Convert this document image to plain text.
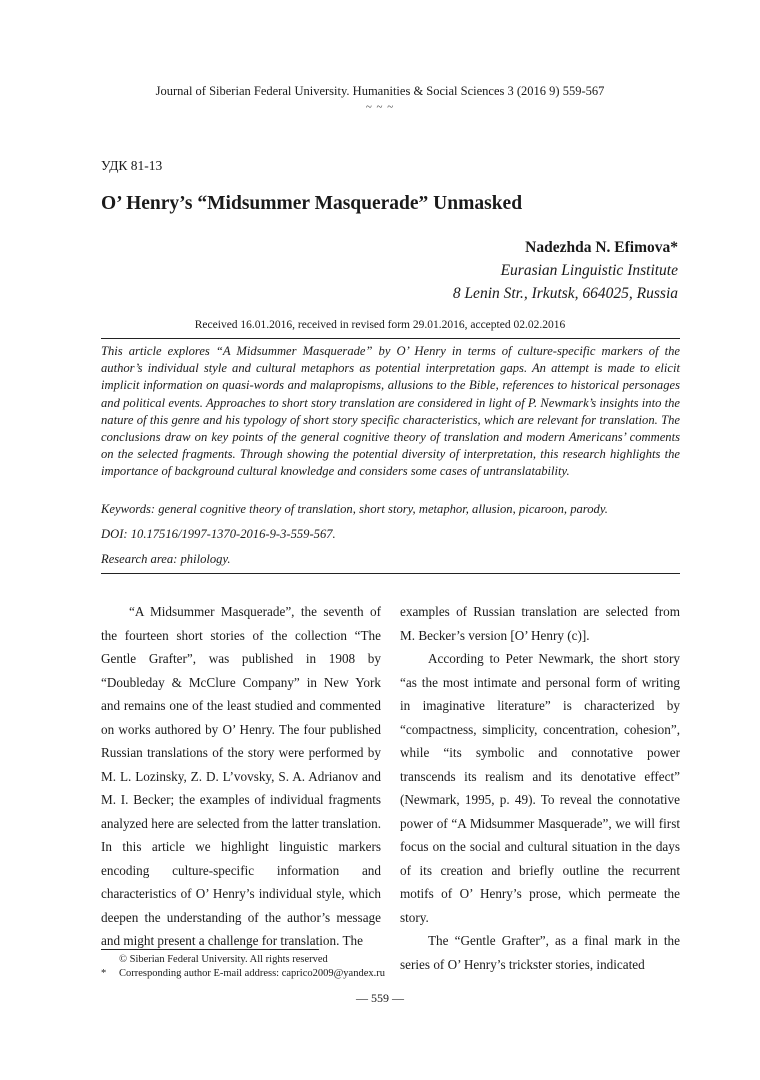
Journal of Siberian Federal University. Humanities & Social Sciences 3 (2016 9) 559-567
~ ~ ~
УДК 81-13
O’ Henry’s “Midsummer Masquerade” Unmasked
Nadezhda N. Efimova*
Eurasian Linguistic Institute
8 Lenin Str., Irkutsk, 664025, Russia
Received 16.01.2016, received in revised form 29.01.2016, accepted 02.02.2016

This article explores “A Midsummer Masquerade” by O’ Henry in terms of culture-specific markers of the author’s individual style and cultural metaphors as potential interpretation gaps. An attempt is made to elicit implicit information on quasi-words and malapropisms, allusions to the Bible, references to historical personages and political events. Approaches to short story translation are considered in light of P. Newmark’s insights into the nature of this genre and his typology of short story specific characteristics, which are relevant for translation. The conclusions draw on key points of the general cognitive theory of translation and modern Americans’ comments on the selected fragments. Through showing the potential diversity of interpretation, this research highlights the importance of background cultural knowledge and considers some cases of untranslatability.

Keywords: general cognitive theory of translation, short story, metaphor, allusion, picaroon, parody.

DOI: 10.17516/1997-1370-2016-9-3-559-567.

Research area: philology.

“A Midsummer Masquerade”, the seventh of the fourteen short stories of the collection “The Gentle Grafter”, was published in 1908 by “Doubleday & McClure Company” in New York and remains one of the least studied and commented on works authored by O’ Henry. The four published Russian translations of the story were performed by M. L. Lozinsky, Z. D. L’vovsky, S. A. Adrianov and M. I. Becker; the examples of individual fragments analyzed here are selected from the latter translation. In this article we highlight linguistic markers encoding culture-specific information and characteristics of O’ Henry’s individual style, which deepen the understanding of the author’s message and might present a challenge for translation. The

examples of Russian translation are selected from M. Becker’s version [O’ Henry (c)].

According to Peter Newmark, the short story “as the most intimate and personal form of writing in imaginative literature” is characterized by “compactness, simplicity, concentration, cohesion”, while “its symbolic and connotative power transcends its realism and its denotative effect” (Newmark, 1995, p. 49). To reveal the connotative power of “A Midsummer Masquerade”, we will first focus on the social and cultural situation in the days of its creation and briefly outline the recurrent motifs of O’ Henry’s prose, which permeate the story.

The “Gentle Grafter”, as a final mark in the series of O’ Henry’s trickster stories, indicated

© Siberian Federal University. All rights reserved
* Corresponding author E-mail address: caprico2009@yandex.ru
— 559 —
